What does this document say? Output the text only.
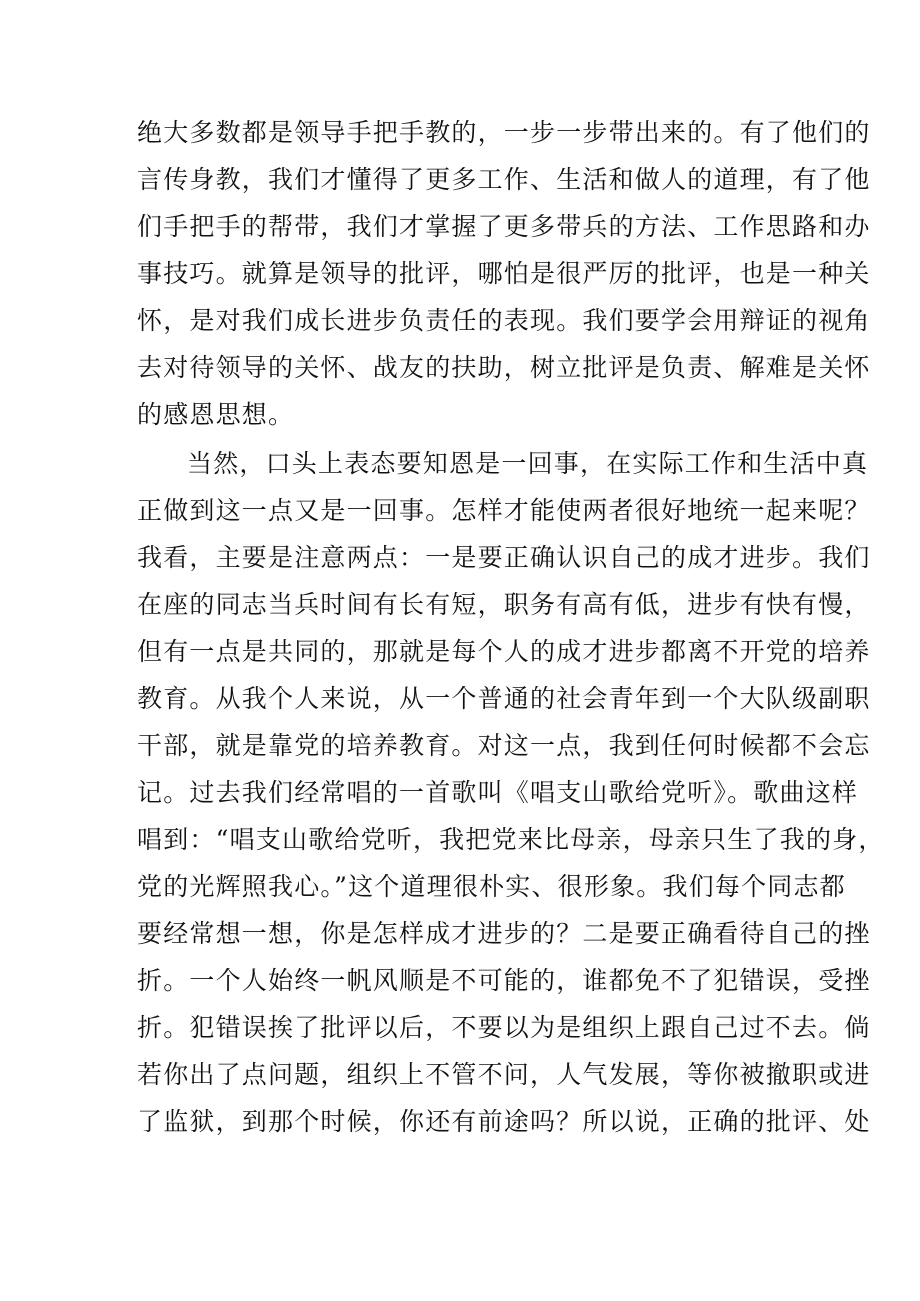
绝大多数都是领导手把手教的，一步一步带出来的。有了他们的
言传身教，我们才懂得了更多工作、生活和做人的道理，有了他
们手把手的帮带，我们才掌握了更多带兵的方法、工作思路和办
事技巧。就算是领导的批评，哪怕是很严厉的批评，也是一种关
怀，是对我们成长进步负责任的表现。我们要学会用辩证的视角
去对待领导的关怀、战友的扶助，树立批评是负责、解难是关怀
的感恩思想。
当然，口头上表态要知恩是一回事，在实际工作和生活中真
正做到这一点又是一回事。怎样才能使两者很好地统一起来呢？
我看，主要是注意两点：一是要正确认识自己的成才进步。我们
在座的同志当兵时间有长有短，职务有高有低，进步有快有慢，
但有一点是共同的，那就是每个人的成才进步都离不开党的培养
教育。从我个人来说，从一个普通的社会青年到一个大队级副职
干部，就是靠党的培养教育。对这一点，我到任何时候都不会忘
记。过去我们经常唱的一首歌叫《唱支山歌给党听》。歌曲这样
唱到：“唱支山歌给党听，我把党来比母亲，母亲只生了我的身，
党的光辉照我心。”这个道理很朴实、很形象。我们每个同志都
要经常想一想，你是怎样成才进步的？二是要正确看待自己的挫
折。一个人始终一帆风顺是不可能的，谁都免不了犯错误，受挫
折。犯错误挨了批评以后，不要以为是组织上跟自己过不去。倘
若你出了点问题，组织上不管不问，人气发展，等你被撤职或进
了监狱，到那个时候，你还有前途吗？所以说，正确的批评、处
